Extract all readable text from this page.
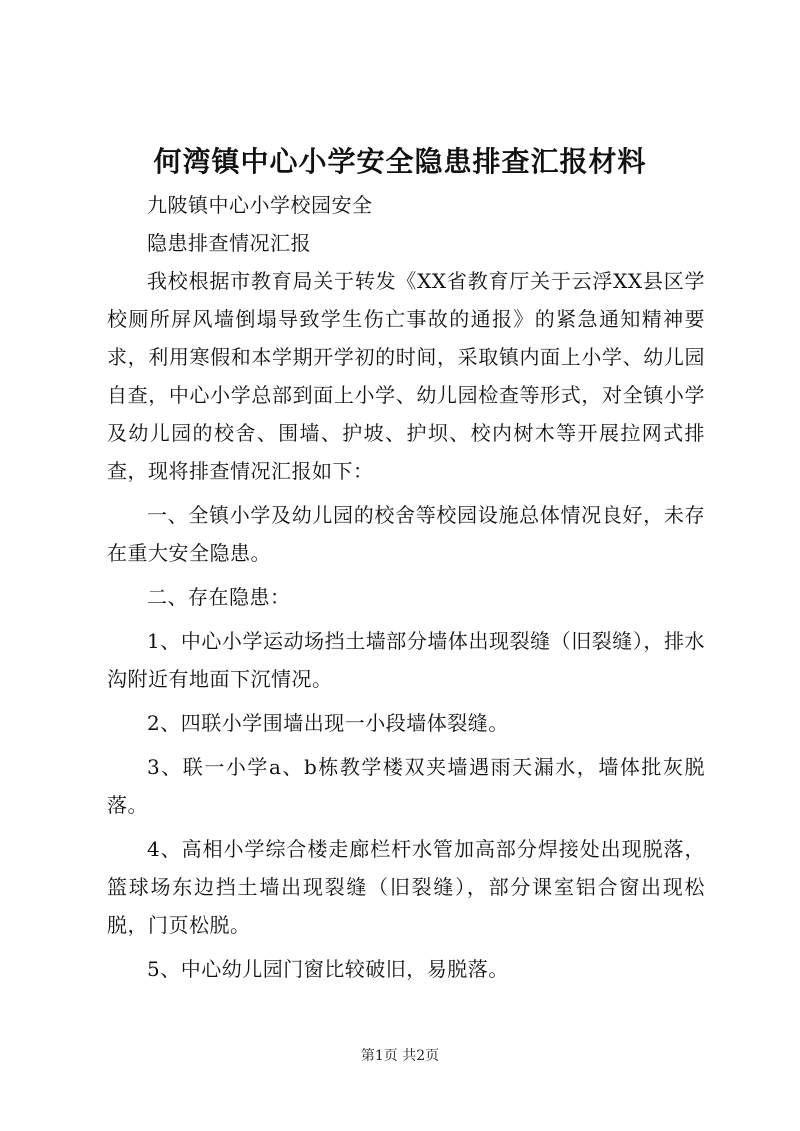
何湾镇中心小学安全隐患排查汇报材料

九陂镇中心小学校园安全

隐患排查情况汇报

我校根据市教育局关于转发《XX省教育厅关于云浮XX县区学校厕所屏风墙倒塌导致学生伤亡事故的通报》的紧急通知精神要求，利用寒假和本学期开学初的时间，采取镇内面上小学、幼儿园自查，中心小学总部到面上小学、幼儿园检查等形式，对全镇小学及幼儿园的校舍、围墙、护坡、护坝、校内树木等开展拉网式排查，现将排查情况汇报如下：

一、全镇小学及幼儿园的校舍等校园设施总体情况良好，未存在重大安全隐患。

二、存在隐患：

1、中心小学运动场挡土墙部分墙体出现裂缝（旧裂缝），排水沟附近有地面下沉情况。

2、四联小学围墙出现一小段墙体裂缝。

3、联一小学a、b栋教学楼双夹墙遇雨天漏水，墙体批灰脱落。

4、高相小学综合楼走廊栏杆水管加高部分焊接处出现脱落，篮球场东边挡土墙出现裂缝（旧裂缝），部分课室铝合窗出现松脱，门页松脱。

5、中心幼儿园门窗比较破旧，易脱落。

第1页 共2页
